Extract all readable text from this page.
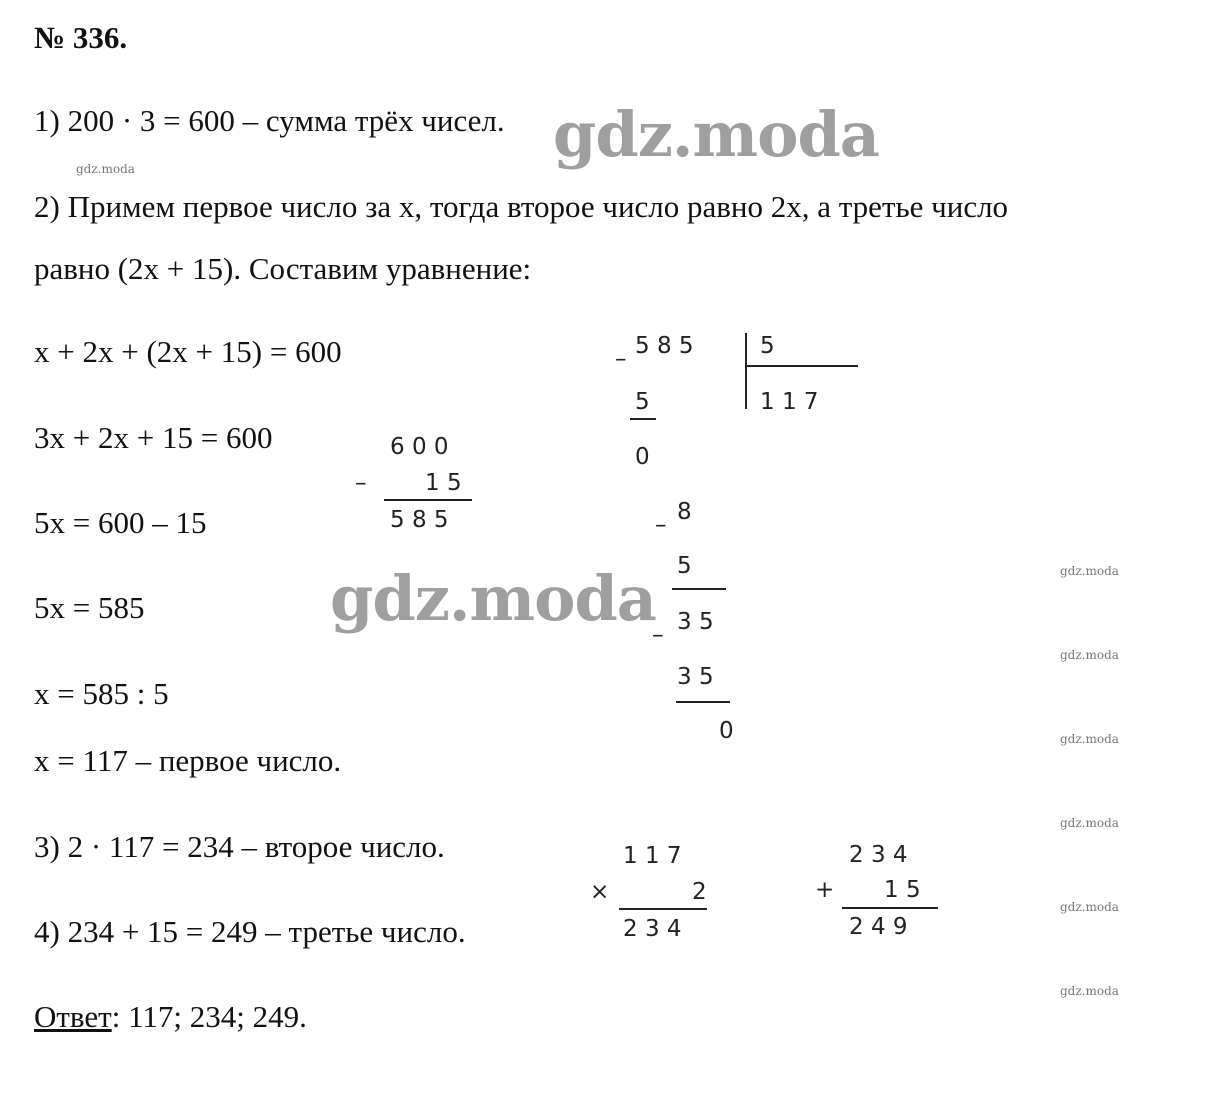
№ 336.
1) 200 · 3 = 600 – сумма трёх чисел.
2) Примем первое число за х, тогда второе число равно 2х, а третье число
равно (2х + 15). Составим уравнение:
х + 2х + (2х + 15) = 600
3х + 2х + 15 = 600
5х = 600 – 15
5х = 585
х = 585 : 5
х = 117 – первое число.
3) 2 · 117 = 234 – второе число.
4) 234 + 15 = 249 – третье число.
Ответ: 117; 234; 249.
6 0 0
–	1 5
5 8 5
5 8 5
–	5
1 1 7
5
0
8
–
5
3 5
–
3 5
0
1 1 7
×	2
2 3 4
2 3 4
+ 1 5
2 4 9
gdz.moda
gdz.moda
gdz.moda
gdz.moda
gdz.moda
gdz.moda
gdz.moda
gdz.moda
gdz.moda
